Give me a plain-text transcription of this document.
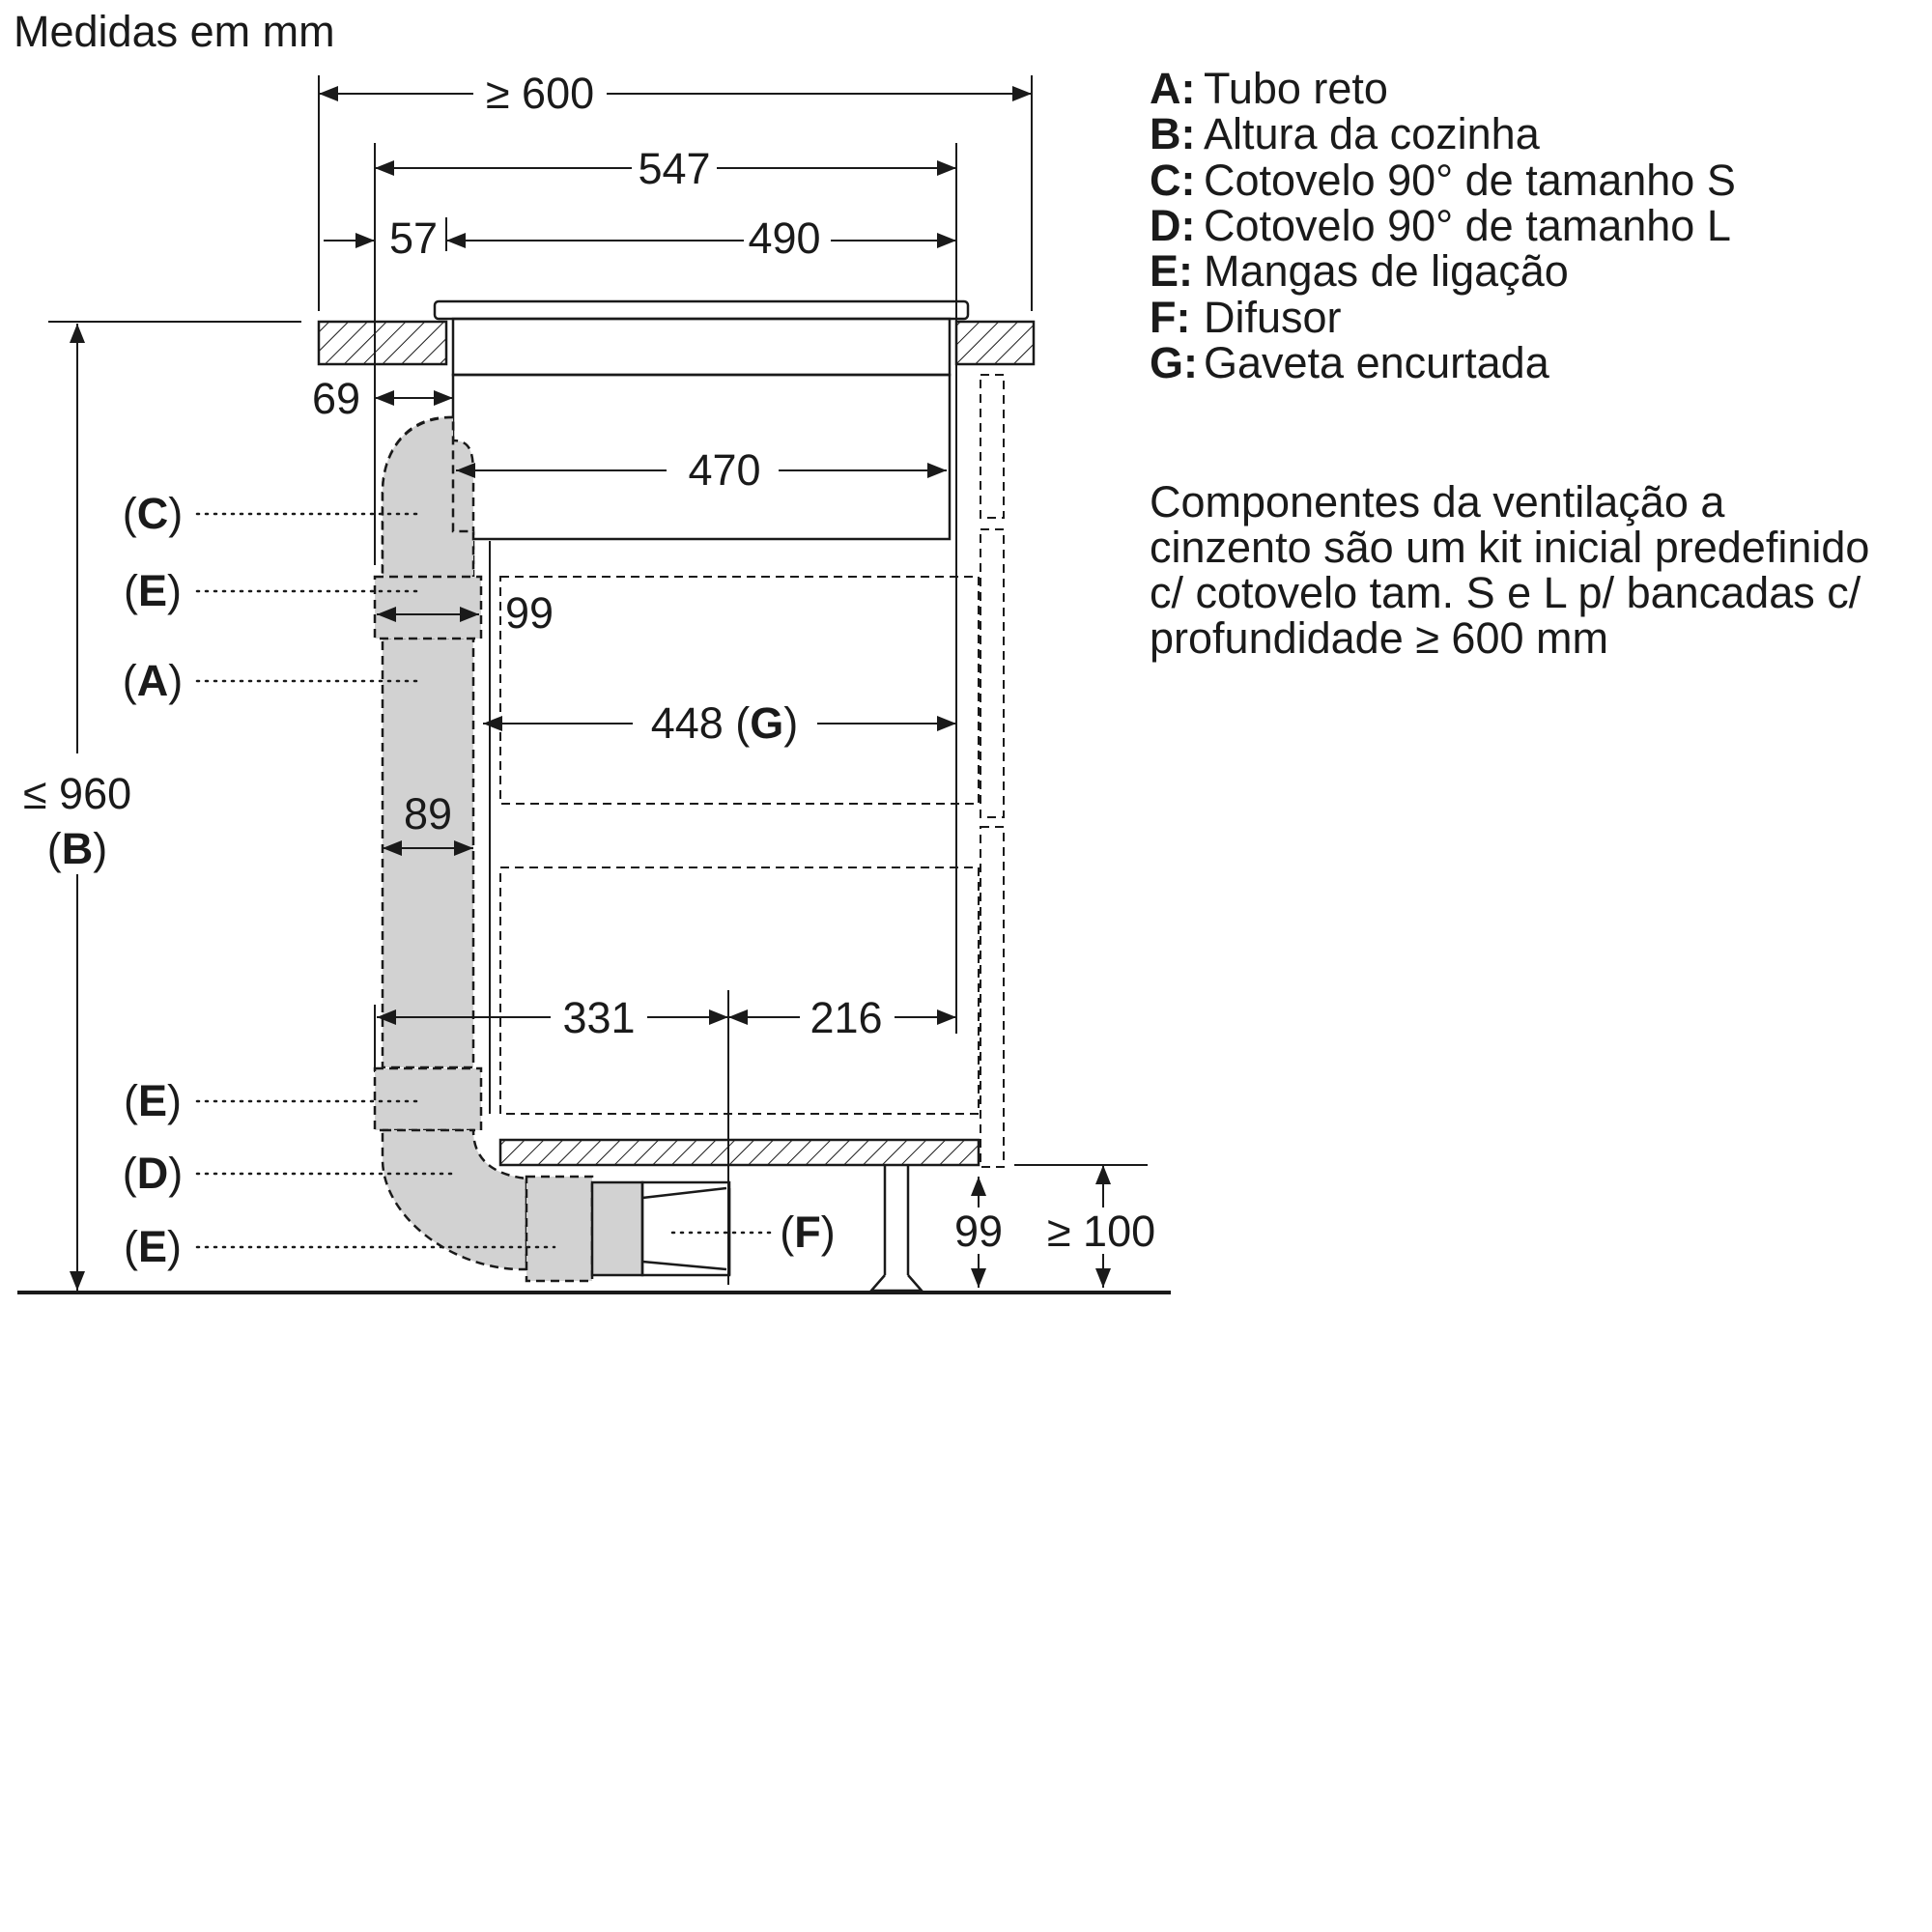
Medidas em mm
≥ 600
547
57	490
69
470
99
448 (G)
89
331	216
99 ≥ 100
≤ 960
(B)
(C)
(E)
(A)
(E)
(D)
(E)	(F)
A: Tubo reto
B: Altura da cozinha
C: Cotovelo 90° de tamanho S
D: Cotovelo 90° de tamanho L
E: Mangas de ligação
F: Difusor
G: Gaveta encurtada
Componentes da ventilação a
cinzento são um kit inicial predefinido
c/ cotovelo tam. S e L p/ bancadas c/
profundidade ≥ 600 mm
